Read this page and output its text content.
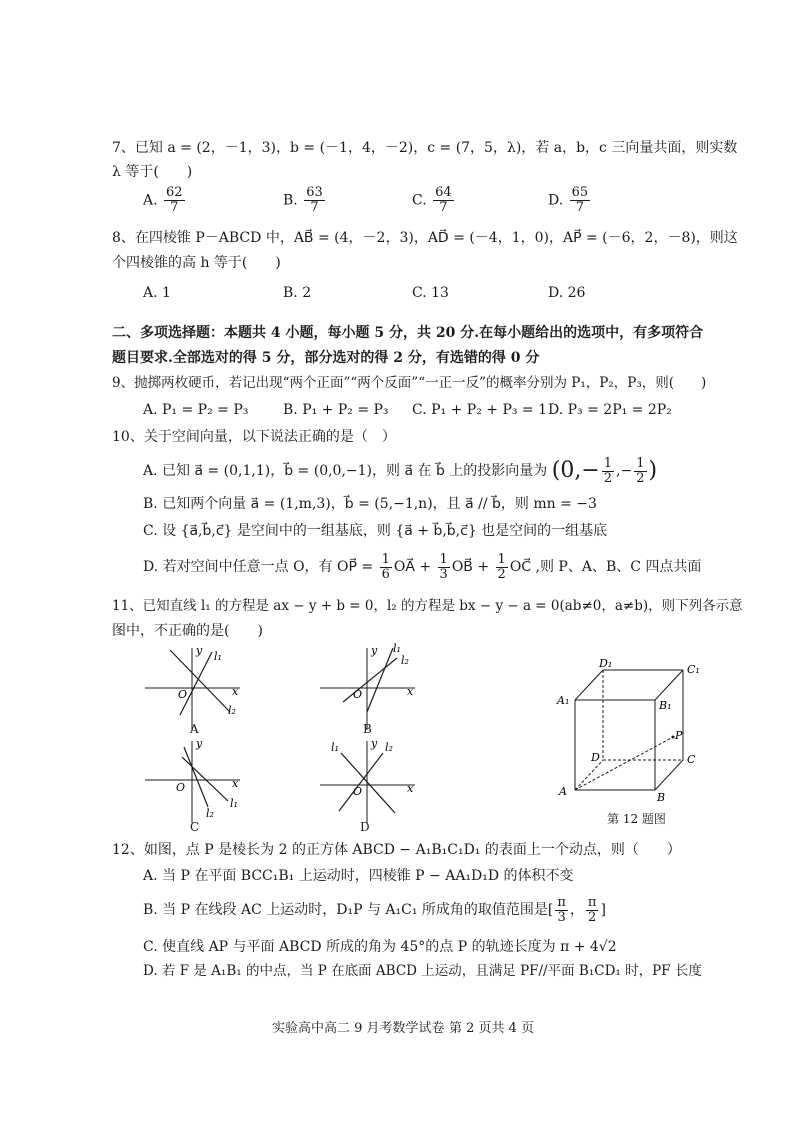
7、已知 a = (2，－1，3)，b = (－1，4，－2)，c = (7，5，λ)，若 a，b，c 三向量共面，则实数
λ 等于(　　)
A. $\frac{62}{7}$	B. $\frac{63}{7}$	C. $\frac{64}{7}$	D. $\frac{65}{7}$
8、在四棱锥 P－ABCD 中，AB⃗ = (4，－2，3)，AD⃗ = (－4，1，0)，AP⃗ = (－6，2，－8)，则这
个四棱锥的高 h 等于(　　)
A. 1	B. 2	C. 13	D. 26
二、多项选择题：本题共 4 小题，每小题 5 分，共 20 分.在每小题给出的选项中，有多项符合
题目要求.全部选对的得 5 分，部分选对的得 2 分，有选错的得 0 分
9、抛掷两枚硬币，若记出现“两个正面”“两个反面”“一正一反”的概率分别为 P₁，P₂，P₃，则(　　)
A. P₁ = P₂ = P₃ B. P₁ + P₂ = P₃ C. P₁ + P₂ + P₃ = 1 D. P₃ = 2P₁ = 2P₂
10、关于空间向量，以下说法正确的是（　）
A. 已知 a⃗ = (0,1,1)，b⃗ = (0,0,−1)，则 a⃗ 在 b⃗ 上的投影向量为 ($0,- \frac{1}{2}$ ,− $\frac{1}{2}$ )
B. 已知两个向量 a⃗ = (1,m,3)，b⃗ = (5,−1,n)，且 a⃗ // b⃗，则 mn = −3
C. 设 {a⃗,b⃗,c⃗} 是空间中的一组基底，则 {a⃗ + b⃗,b⃗,c⃗} 也是空间的一组基底
D. 若对空间中任意一点 O，有 OP⃗ = $\frac{1}{6}$ OA⃗ + $\frac{1}{3}$ OB⃗ + $\frac{1}{2}$ OC⃗ ,则 P、A、B、C 四点共面
11、已知直线 l₁ 的方程是 ax − y + b = 0，l₂ 的方程是 bx − y − a = 0(ab≠0，a≠b)，则下列各示意
图中，不正确的是(　　)
y
x
O
l₁
l₂
A
y
x
O
l₁
l₂
B
y
x
O
l₁
l₂
C
y
x
O
l₁	l₂
D
A	B
C
D
A₁	B₁
C₁
D₁
P
第 12 题图
12、如图，点 P 是棱长为 2 的正方体 ABCD − A₁B₁C₁D₁ 的表面上一个动点，则（　　）
A. 当 P 在平面 BCC₁B₁ 上运动时，四棱锥 P − AA₁D₁D 的体积不变
B. 当 P 在线段 AC 上运动时，D₁P 与 A₁C₁ 所成角的取值范围是[ $\frac{\pi}{3}$ ， $\frac{\pi}{2}$ ]
C. 使直线 AP 与平面 ABCD 所成的角为 45°的点 P 的轨迹长度为 π + 4√2
D. 若 F 是 A₁B₁ 的中点，当 P 在底面 ABCD 上运动，且满足 PF//平面 B₁CD₁ 时，PF 长度
实验高中高二 9 月考数学试卷 第 2 页共 4 页
